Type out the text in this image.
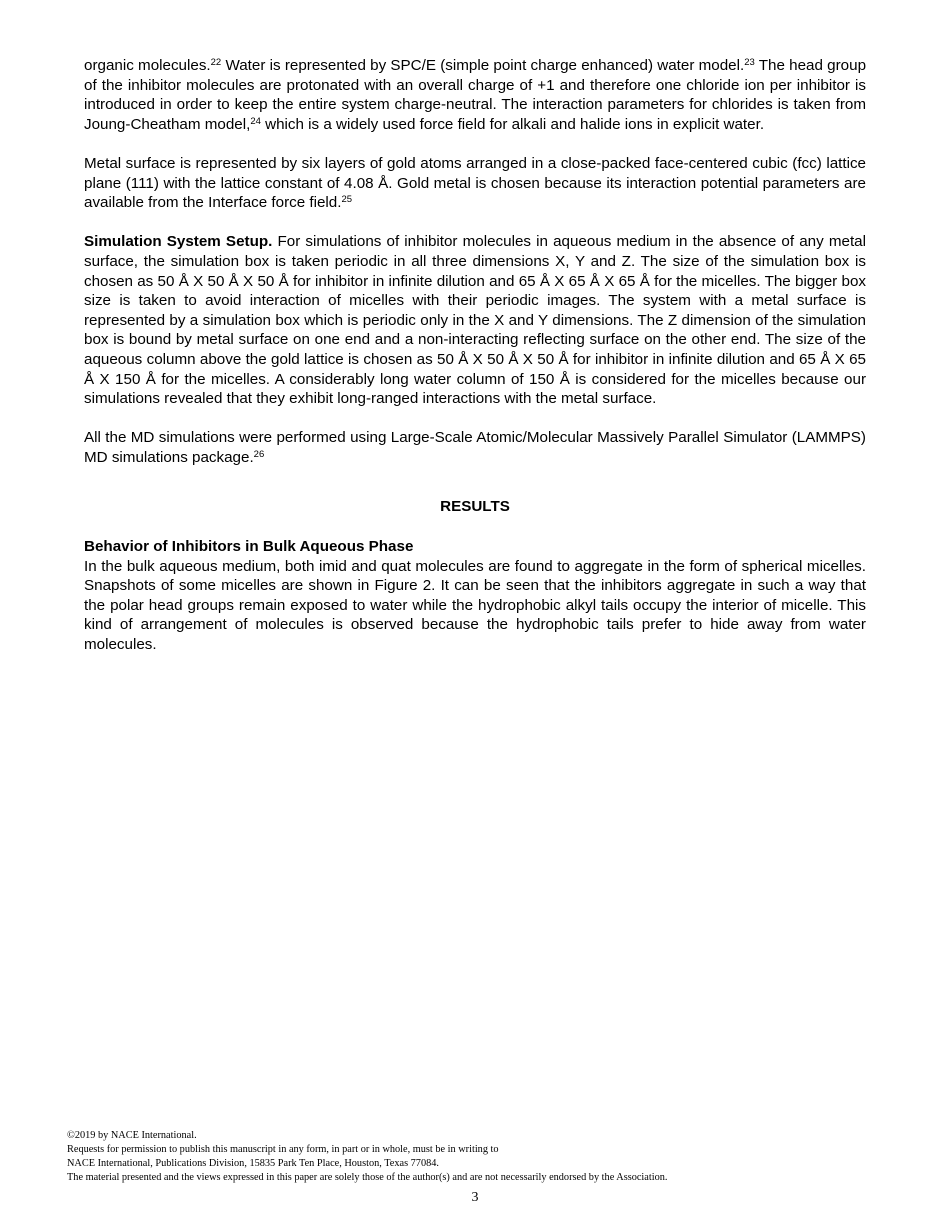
organic molecules.$^{22}$ Water is represented by SPC/E (simple point charge enhanced) water model.$^{23}$ The head group of the inhibitor molecules are protonated with an overall charge of +1 and therefore one chloride ion per inhibitor is introduced in order to keep the entire system charge-neutral. The interaction parameters for chlorides is taken from Joung-Cheatham model,$^{24}$ which is a widely used force field for alkali and halide ions in explicit water.

Metal surface is represented by six layers of gold atoms arranged in a close-packed face-centered cubic (fcc) lattice plane (111) with the lattice constant of 4.08 Å. Gold metal is chosen because its interaction potential parameters are available from the Interface force field.$^{25}$

Simulation System Setup. For simulations of inhibitor molecules in aqueous medium in the absence of any metal surface, the simulation box is taken periodic in all three dimensions X, Y and Z. The size of the simulation box is chosen as 50 Å X 50 Å X 50 Å for inhibitor in infinite dilution and 65 Å X 65 Å X 65 Å for the micelles. The bigger box size is taken to avoid interaction of micelles with their periodic images. The system with a metal surface is represented by a simulation box which is periodic only in the X and Y dimensions. The Z dimension of the simulation box is bound by metal surface on one end and a non-interacting reflecting surface on the other end. The size of the aqueous column above the gold lattice is chosen as 50 Å X 50 Å X 50 Å for inhibitor in infinite dilution and 65 Å X 65 Å X 150 Å for the micelles. A considerably long water column of 150 Å is considered for the micelles because our simulations revealed that they exhibit long-ranged interactions with the metal surface.

All the MD simulations were performed using Large-Scale Atomic/Molecular Massively Parallel Simulator (LAMMPS) MD simulations package.$^{26}$

RESULTS
Behavior of Inhibitors in Bulk Aqueous Phase

In the bulk aqueous medium, both imid and quat molecules are found to aggregate in the form of spherical micelles. Snapshots of some micelles are shown in Figure 2. It can be seen that the inhibitors aggregate in such a way that the polar head groups remain exposed to water while the hydrophobic alkyl tails occupy the interior of micelle. This kind of arrangement of molecules is observed because the hydrophobic tails prefer to hide away from water molecules.

©2019 by NACE International.
Requests for permission to publish this manuscript in any form, in part or in whole, must be in writing to
NACE International, Publications Division, 15835 Park Ten Place, Houston, Texas 77084.
The material presented and the views expressed in this paper are solely those of the author(s) and are not necessarily endorsed by the Association.
3
